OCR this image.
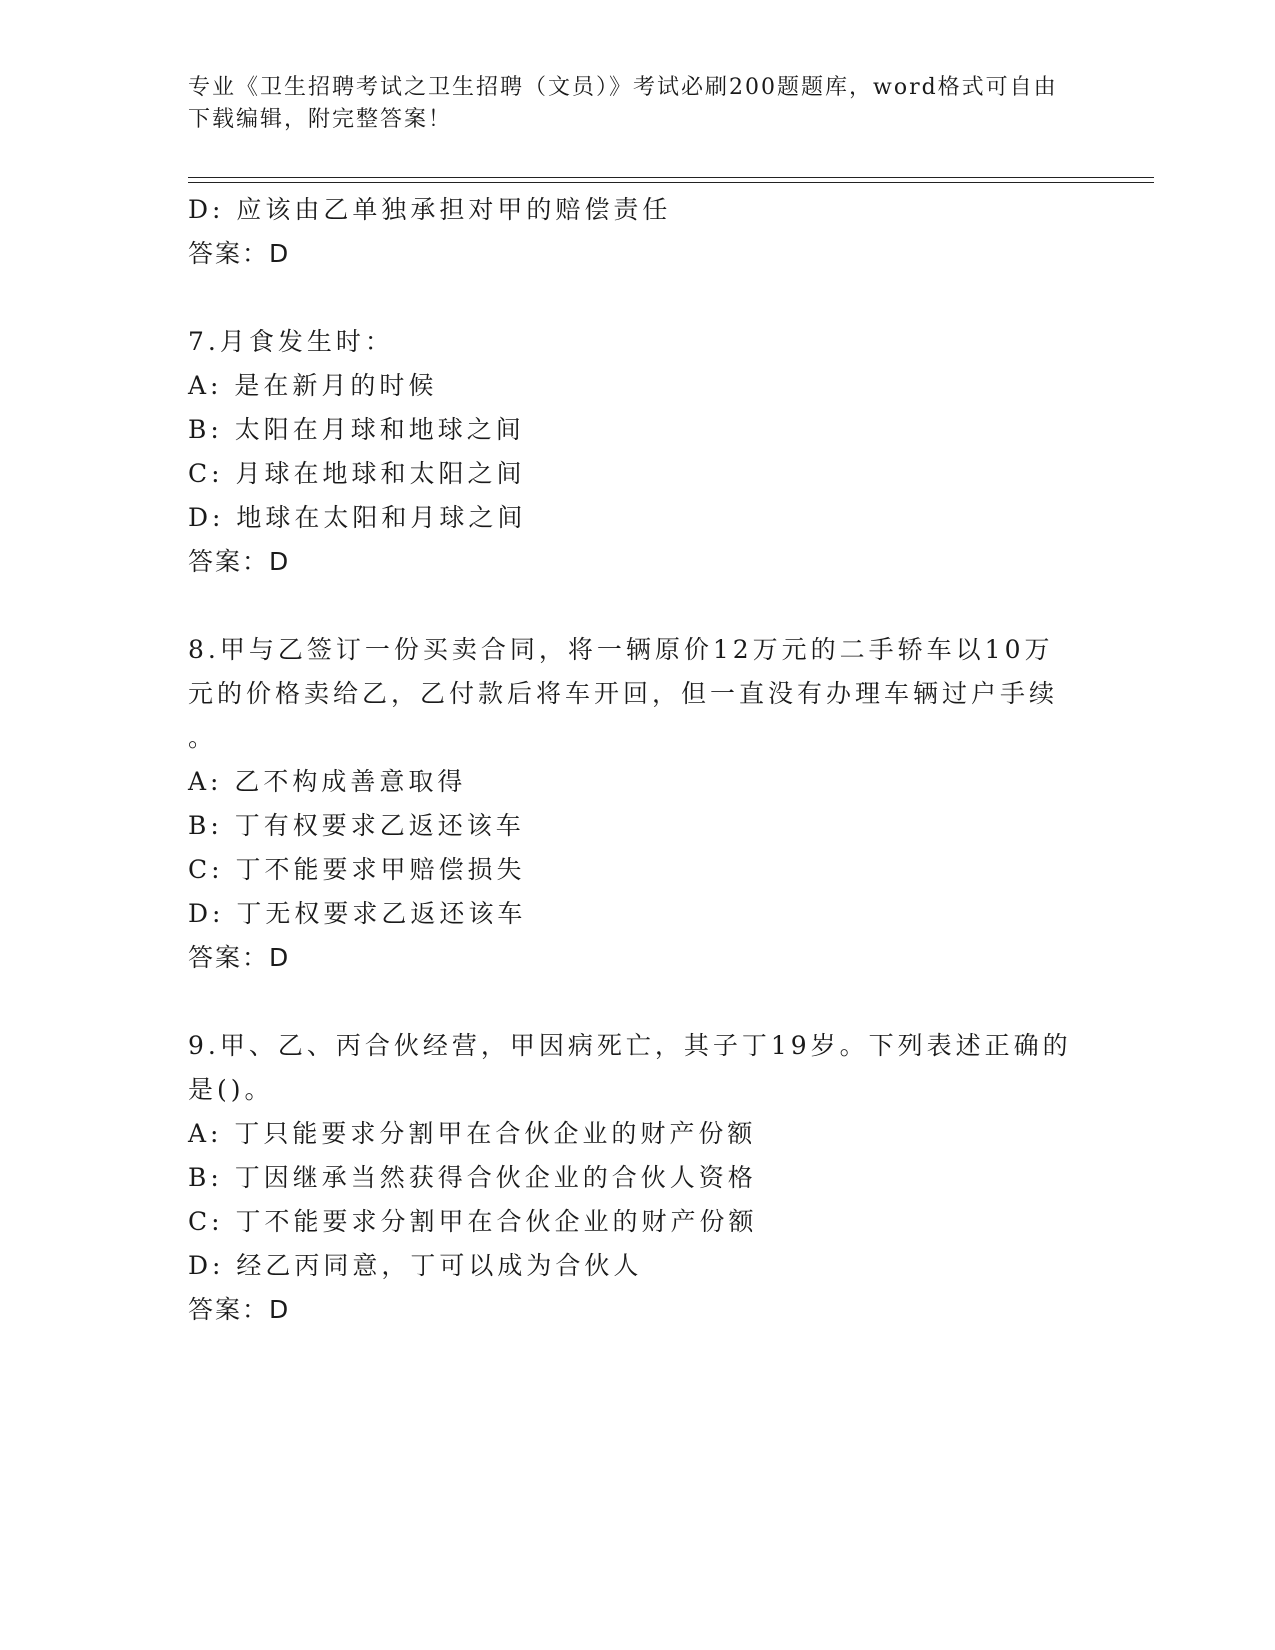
专业《卫生招聘考试之卫生招聘（文员）》考试必刷200题题库，word格式可自由下载编辑，附完整答案！
D: 应该由乙单独承担对甲的赔偿责任
答案：D
7.月食发生时：
A: 是在新月的时候
B: 太阳在月球和地球之间
C: 月球在地球和太阳之间
D: 地球在太阳和月球之间
答案：D
8.甲与乙签订一份买卖合同，将一辆原价12万元的二手轿车以10万
元的价格卖给乙，乙付款后将车开回，但一直没有办理车辆过户手续
。
A: 乙不构成善意取得
B: 丁有权要求乙返还该车
C: 丁不能要求甲赔偿损失
D: 丁无权要求乙返还该车
答案：D
9.甲、乙、丙合伙经营，甲因病死亡，其子丁19岁。下列表述正确的
是()。
A: 丁只能要求分割甲在合伙企业的财产份额
B: 丁因继承当然获得合伙企业的合伙人资格
C: 丁不能要求分割甲在合伙企业的财产份额
D: 经乙丙同意，丁可以成为合伙人
答案：D
